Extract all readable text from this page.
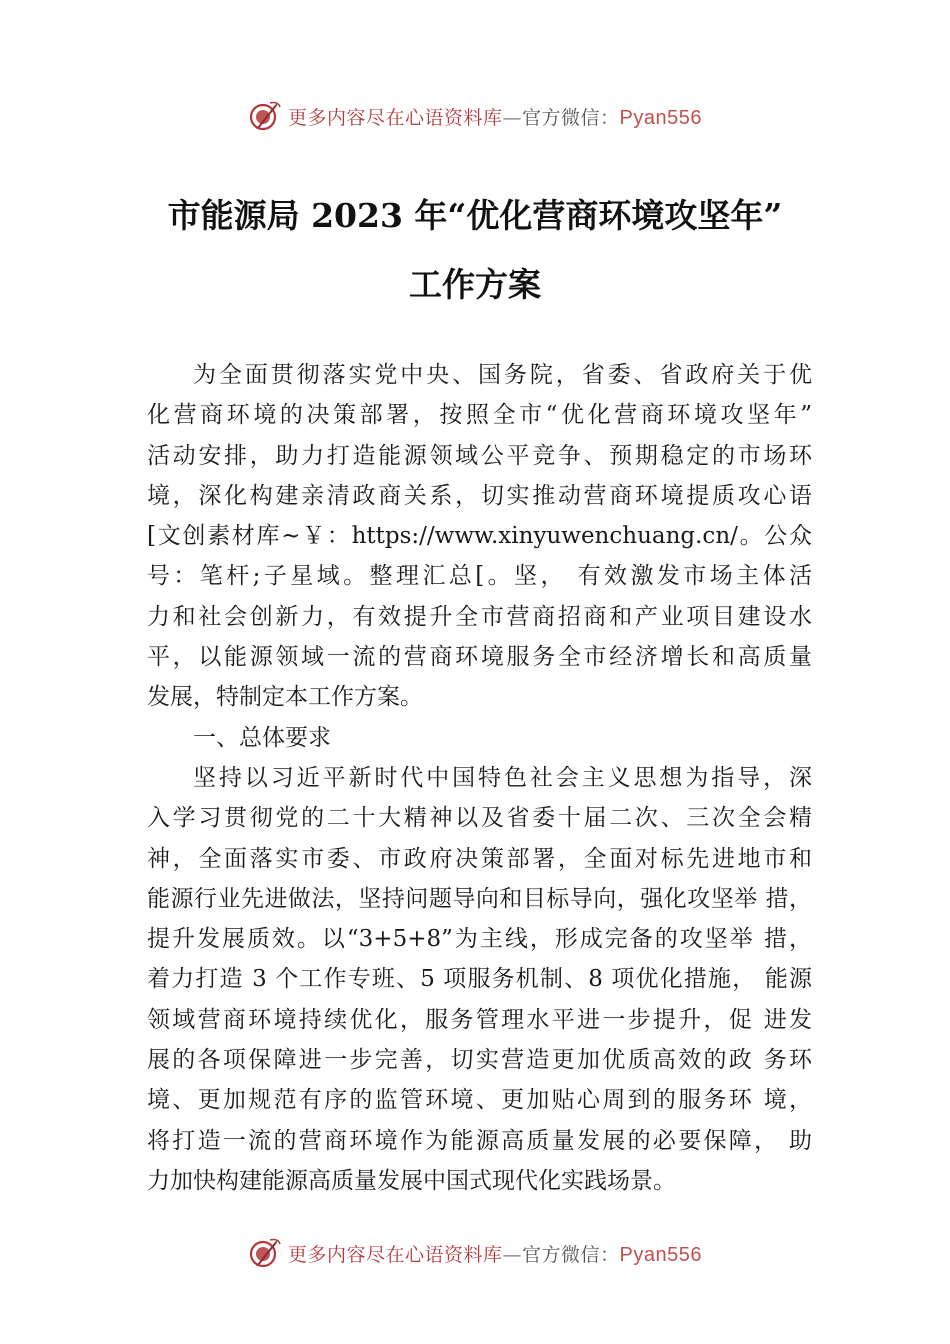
更多内容尽在心语资料库—官方微信：Pyan556
市能源局 2023 年“优化营商环境攻坚年”
工作方案
为全面贯彻落实党中央、国务院，省委、省政府关于优
化营商环境的决策部署，按照全市“优化营商环境攻坚年”
活动安排，助力打造能源领域公平竞争、预期稳定的市场环
境，深化构建亲清政商关系，切实推动营商环境提质攻心语
[文创素材库~￥：https://www.xinyuwenchuang.cn/。公众
号：笔杆;子星域。整理汇总[。坚， 有效激发市场主体活
力和社会创新力，有效提升全市营商招商和产业项目建设水
平，以能源领域一流的营商环境服务全市经济增长和高质量
发展，特制定本工作方案。
一、总体要求
坚持以习近平新时代中国特色社会主义思想为指导，深
入学习贯彻党的二十大精神以及省委十届二次、三次全会精
神，全面落实市委、市政府决策部署，全面对标先进地市和
能源行业先进做法，坚持问题导向和目标导向，强化攻坚举 措，
提升发展质效。以“3+5+8”为主线，形成完备的攻坚举 措，
着力打造 3 个工作专班、5 项服务机制、8 项优化措施， 能源
领域营商环境持续优化，服务管理水平进一步提升，促 进发
展的各项保障进一步完善，切实营造更加优质高效的政 务环
境、更加规范有序的监管环境、更加贴心周到的服务环 境，
将打造一流的营商环境作为能源高质量发展的必要保障， 助
力加快构建能源高质量发展中国式现代化实践场景。
更多内容尽在心语资料库—官方微信：Pyan556
